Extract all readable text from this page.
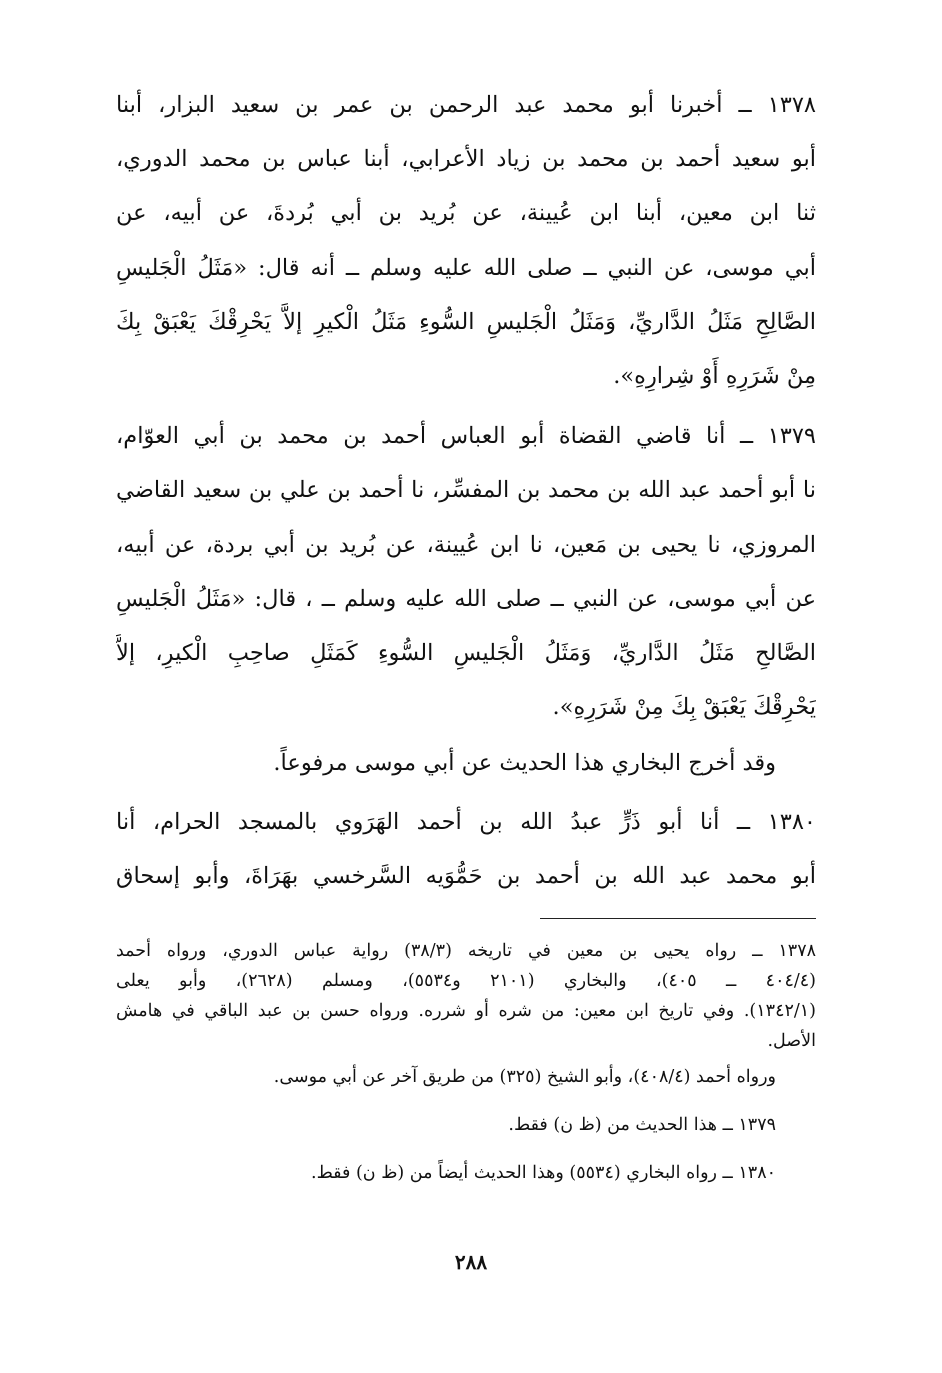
١٣٧٨ ــ أخبرنا أبو محمد عبد الرحمن بن عمر بن سعيد البزار، أبنا
أبو سعيد أحمد بن محمد بن زياد الأعرابي، أبنا عباس بن محمد الدوري،
ثنا ابن معين، أبنا ابن عُيينة، عن بُريد بن أبي بُردةَ، عن أبيه، عن
أبي موسى، عن النبي ــ صلى الله عليه وسلم ــ أنه قال: «مَثَلُ الْجَليسِ
الصَّالِحِ مَثَلُ الدَّاريِّ، وَمَثَلُ الْجَليسِ السُّوءِ مَثَلُ الْكيرِ إلاَّ يَحْرِقْكَ يَعْبَقْ بِكَ
مِنْ شَرَرِهِ أَوْ شِرارِهِ».
١٣٧٩ ــ أنا قاضي القضاة أبو العباس أحمد بن محمد بن أبي العوّام،
نا أبو أحمد عبد الله بن محمد بن المفسِّر، نا أحمد بن علي بن سعيد القاضي
المروزي، نا يحيى بن مَعين، نا ابن عُيينة، عن بُريد بن أبي بردة، عن أبيه،
عن أبي موسى، عن النبي ــ صلى الله عليه وسلم ــ ، قال: «مَثَلُ الْجَليسِ
الصَّالحِ مَثَلُ الدَّاريِّ، وَمَثَلُ الْجَليسِ السُّوءِ كَمَثَلِ صاحِبِ الْكيرِ، إلاَّ
يَحْرِقْكَ يَعْبَقْ بِكَ مِنْ شَرَرِهِ».
وقد أخرج البخاري هذا الحديث عن أبي موسى مرفوعاً.
١٣٨٠ ــ أنا أبو ذَرٍّ عبدُ الله بن أحمد الهَرَوي بالمسجد الحرام، أنا
أبو محمد عبد الله بن أحمد بن حَمُّوَيه السَّرخسي بهَرَاةَ، وأبو إسحاق
١٣٧٨ ــ رواه يحيى بن معين في تاريخه (٣٨/٣) رواية عباس الدوري، ورواه أحمد
(٤٠٤/٤ ــ ٤٠٥)، والبخاري (٢١٠١ و٥٥٣٤)، ومسلم (٢٦٢٨)، وأبو يعلى
(١٣٤٢/١). وفي تاريخ ابن معين: من شره أو شرره. ورواه حسن بن عبد الباقي في هامش
الأصل.
ورواه أحمد (٤٠٨/٤)، وأبو الشيخ (٣٢٥) من طريق آخر عن أبي موسى.
١٣٧٩ ــ هذا الحديث من (ظ ن) فقط.
١٣٨٠ ــ رواه البخاري (٥٥٣٤) وهذا الحديث أيضاً من (ظ ن) فقط.
٢٨٨
